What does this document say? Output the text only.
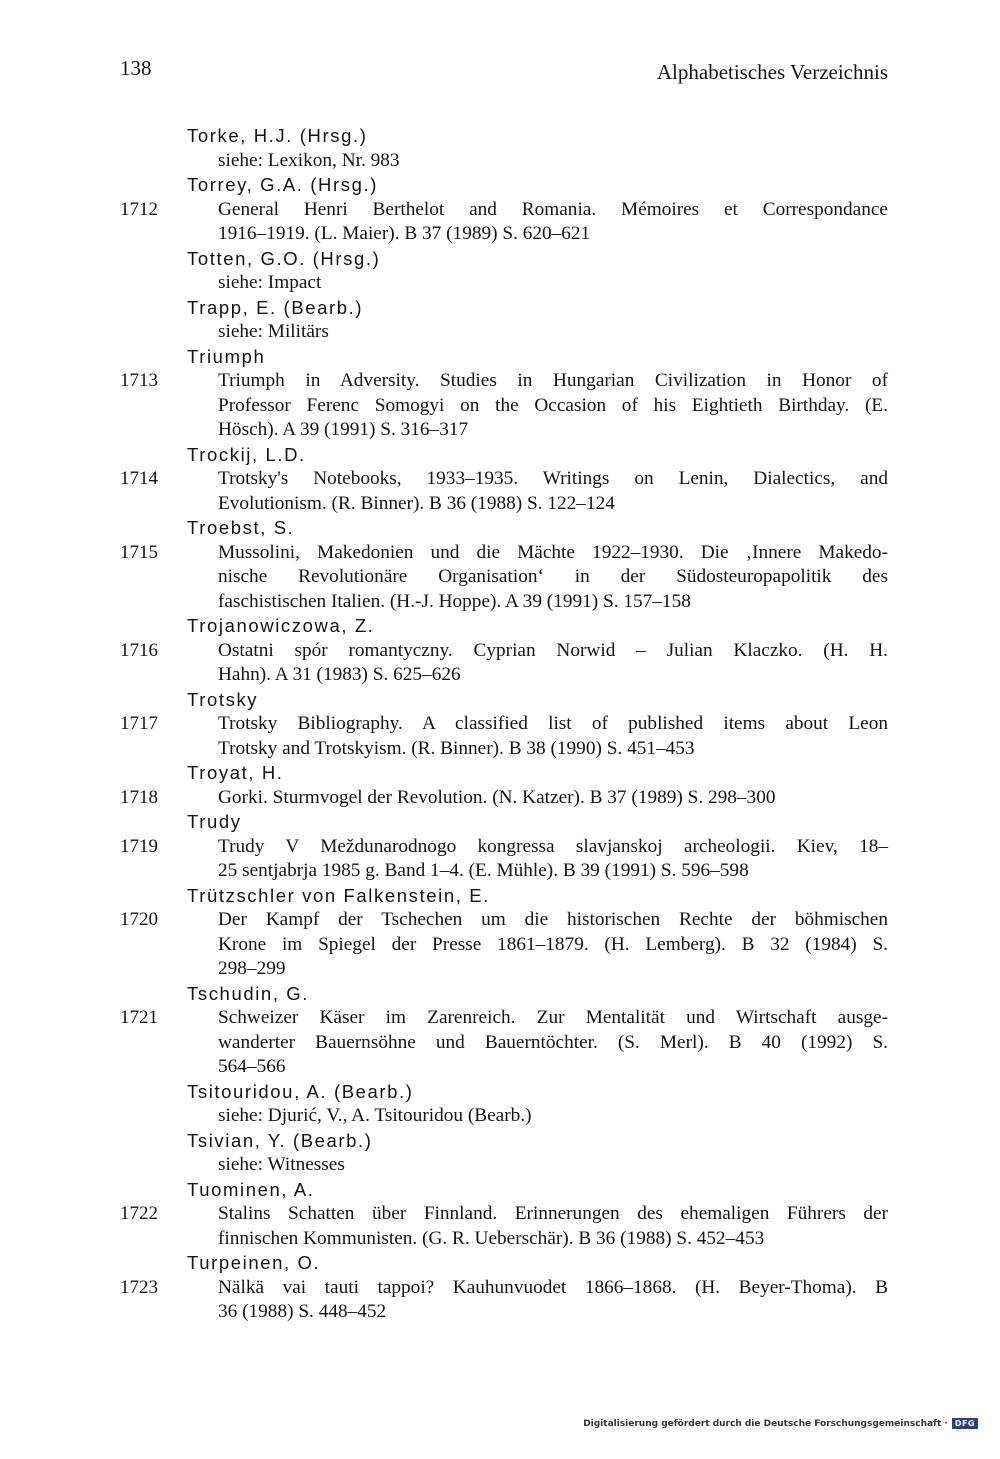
138	Alphabetisches Verzeichnis
Torke, H.J. (Hrsg.)
siehe: Lexikon, Nr. 983
Torrey, G.A. (Hrsg.)
1712	General Henri Berthelot and Romania. Mémoires et Correspondance
1916–1919. (L. Maier). B 37 (1989) S. 620–621
Totten, G.O. (Hrsg.)
siehe: Impact
Trapp, E. (Bearb.)
siehe: Militärs
Triumph
1713	Triumph in Adversity. Studies in Hungarian Civilization in Honor of
Professor Ferenc Somogyi on the Occasion of his Eightieth Birthday. (E.
Hösch). A 39 (1991) S. 316–317
Trockij, L.D.
1714	Trotsky's Notebooks, 1933–1935. Writings on Lenin, Dialectics, and
Evolutionism. (R. Binner). B 36 (1988) S. 122–124
Troebst, S.
1715	Mussolini, Makedonien und die Mächte 1922–1930. Die ‚Innere Makedo-
nische Revolutionäre Organisation‘ in der Südosteuropapolitik des
faschistischen Italien. (H.-J. Hoppe). A 39 (1991) S. 157–158
Trojanowiczowa, Z.
1716	Ostatni spór romantyczny. Cyprian Norwid – Julian Klaczko. (H. H.
Hahn). A 31 (1983) S. 625–626
Trotsky
1717	Trotsky Bibliography. A classified list of published items about Leon
Trotsky and Trotskyism. (R. Binner). B 38 (1990) S. 451–453
Troyat, H.
1718	Gorki. Sturmvogel der Revolution. (N. Katzer). B 37 (1989) S. 298–300
Trudy
1719	Trudy V Meždunarodnogo kongressa slavjanskoj archeologii. Kiev, 18–
25 sentjabrja 1985 g. Band 1–4. (E. Mühle). B 39 (1991) S. 596–598
Trützschler von Falkenstein, E.
1720	Der Kampf der Tschechen um die historischen Rechte der böhmischen
Krone im Spiegel der Presse 1861–1879. (H. Lemberg). B 32 (1984) S.
298–299
Tschudin, G.
1721	Schweizer Käser im Zarenreich. Zur Mentalität und Wirtschaft ausge-
wanderter Bauernsöhne und Bauerntöchter. (S. Merl). B 40 (1992) S.
564–566
Tsitouridou, A. (Bearb.)
siehe: Djurić, V., A. Tsitouridou (Bearb.)
Tsivian, Y. (Bearb.)
siehe: Witnesses
Tuominen, A.
1722	Stalins Schatten über Finnland. Erinnerungen des ehemaligen Führers der
finnischen Kommunisten. (G. R. Ueberschär). B 36 (1988) S. 452–453
Turpeinen, O.
1723	Nälkä vai tauti tappoi? Kauhunvuodet 1866–1868. (H. Beyer-Thoma). B
36 (1988) S. 448–452
Digitalisierung gefördert durch die Deutsche Forschungsgemeinschaft · DFG
